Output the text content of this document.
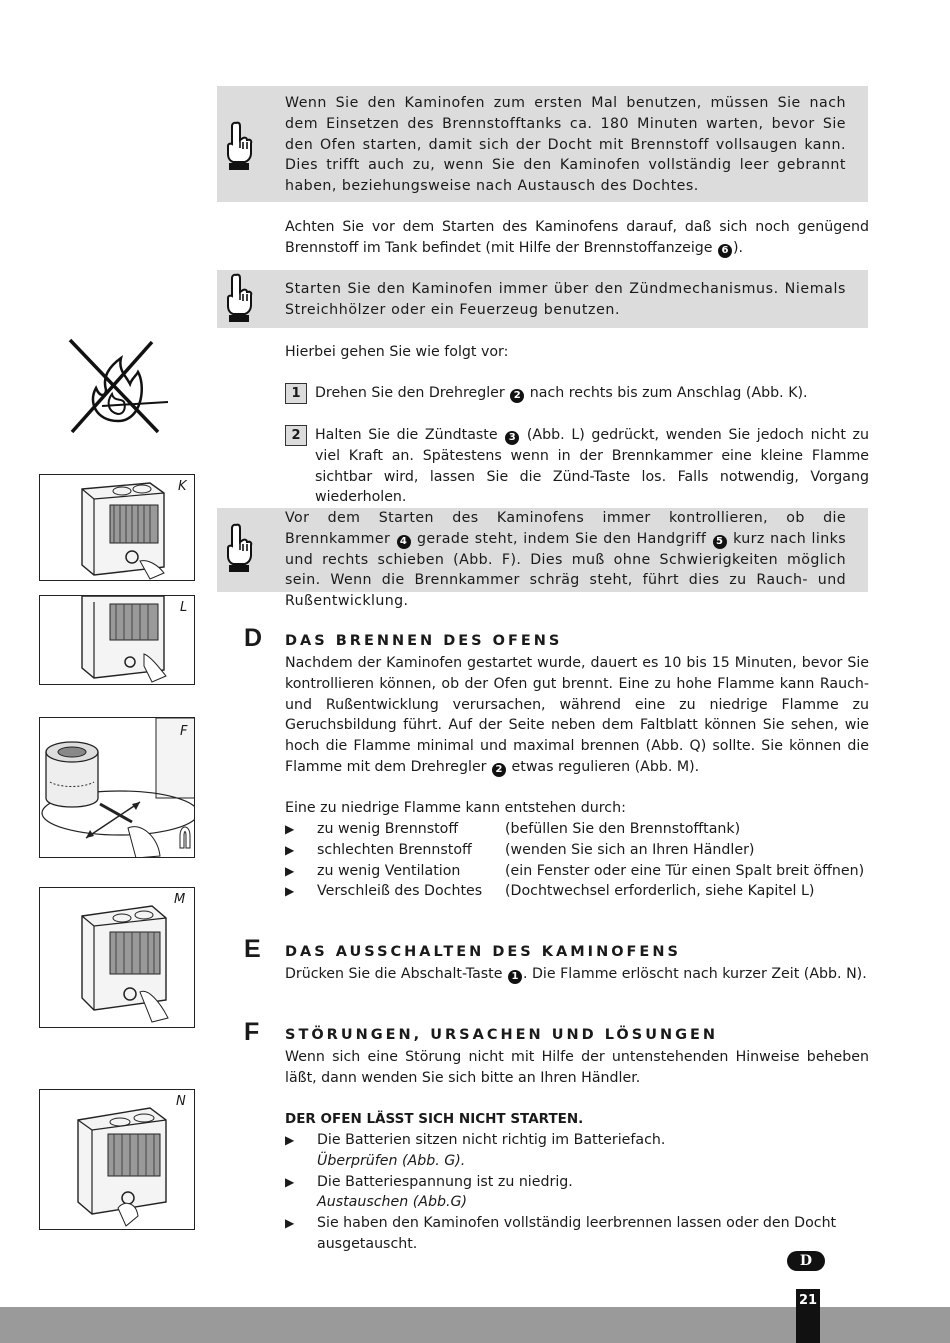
Wenn Sie den Kaminofen zum ersten Mal benutzen, müssen Sie nach dem Einsetzen des Brennstofftanks ca. 180 Minuten warten, bevor Sie den Ofen starten, damit sich der Docht mit Brennstoff vollsaugen kann. Dies trifft auch zu, wenn Sie den Kaminofen vollständig leer gebrannt haben, beziehungsweise nach Austausch des Dochtes.
Achten Sie vor dem Starten des Kaminofens darauf, daß sich noch genügend Brennstoff im Tank befindet (mit Hilfe der Brennstoffanzeige 6 ).
Starten Sie den Kaminofen immer über den Zündmechanismus. Niemals Streichhölzer oder ein Feuerzeug benutzen.
Hierbei gehen Sie wie folgt vor:
1	Drehen Sie den Drehregler 2 nach rechts bis zum Anschlag (Abb. K).
2	Halten Sie die Zündtaste 3 (Abb. L) gedrückt, wenden Sie jedoch nicht zu viel Kraft an. Spätestens wenn in der Brennkammer eine kleine Flamme sichtbar wird, lassen Sie die Zünd-Taste los. Falls notwendig, Vorgang wiederholen.
Vor dem Starten des Kaminofens immer kontrollieren, ob die Brennkammer 4 gerade steht, indem Sie den Handgriff 5 kurz nach links und rechts schieben (Abb. F). Dies muß ohne Schwierigkeiten möglich sein. Wenn die Brennkammer schräg steht, führt dies zu Rauch- und Rußentwicklung.
D DAS BRENNEN DES OFENS
Nachdem der Kaminofen gestartet wurde, dauert es 10 bis 15 Minuten, bevor Sie kontrollieren können, ob der Ofen gut brennt. Eine zu hohe Flamme kann Rauch- und Rußentwicklung verursachen, während eine zu niedrige Flamme zu Geruchsbildung führt. Auf der Seite neben dem Faltblatt können Sie sehen, wie hoch die Flamme minimal und maximal brennen (Abb. Q) sollte. Sie können die Flamme mit dem Drehregler 2 etwas regulieren (Abb. M).
Eine zu niedrige Flamme kann entstehen durch:
▶ zu wenig Brennstoff	(befüllen Sie den Brennstofftank)
▶ schlechten Brennstoff (wenden Sie sich an Ihren Händler)
▶ zu wenig Ventilation	(ein Fenster oder eine Tür einen Spalt breit öffnen)
▶ Verschleiß des Dochtes (Dochtwechsel erforderlich, siehe Kapitel L)
E DAS AUSSCHALTEN DES KAMINOFENS
Drücken Sie die Abschalt-Taste 1 . Die Flamme erlöscht nach kurzer Zeit (Abb. N).
F STÖRUNGEN, URSACHEN UND LÖSUNGEN
Wenn sich eine Störung nicht mit Hilfe der untenstehenden Hinweise beheben läßt, dann wenden Sie sich bitte an Ihren Händler.
DER OFEN LÄSST SICH NICHT STARTEN.
▶ Die Batterien sitzen nicht richtig im Batteriefach.
Überprüfen (Abb. G).
▶ Die Batteriespannung ist zu niedrig.
Austauschen (Abb.G)
▶ Sie haben den Kaminofen vollständig leerbrennen lassen oder den Docht ausgetauscht.
K
L
F
M
N
D
21
